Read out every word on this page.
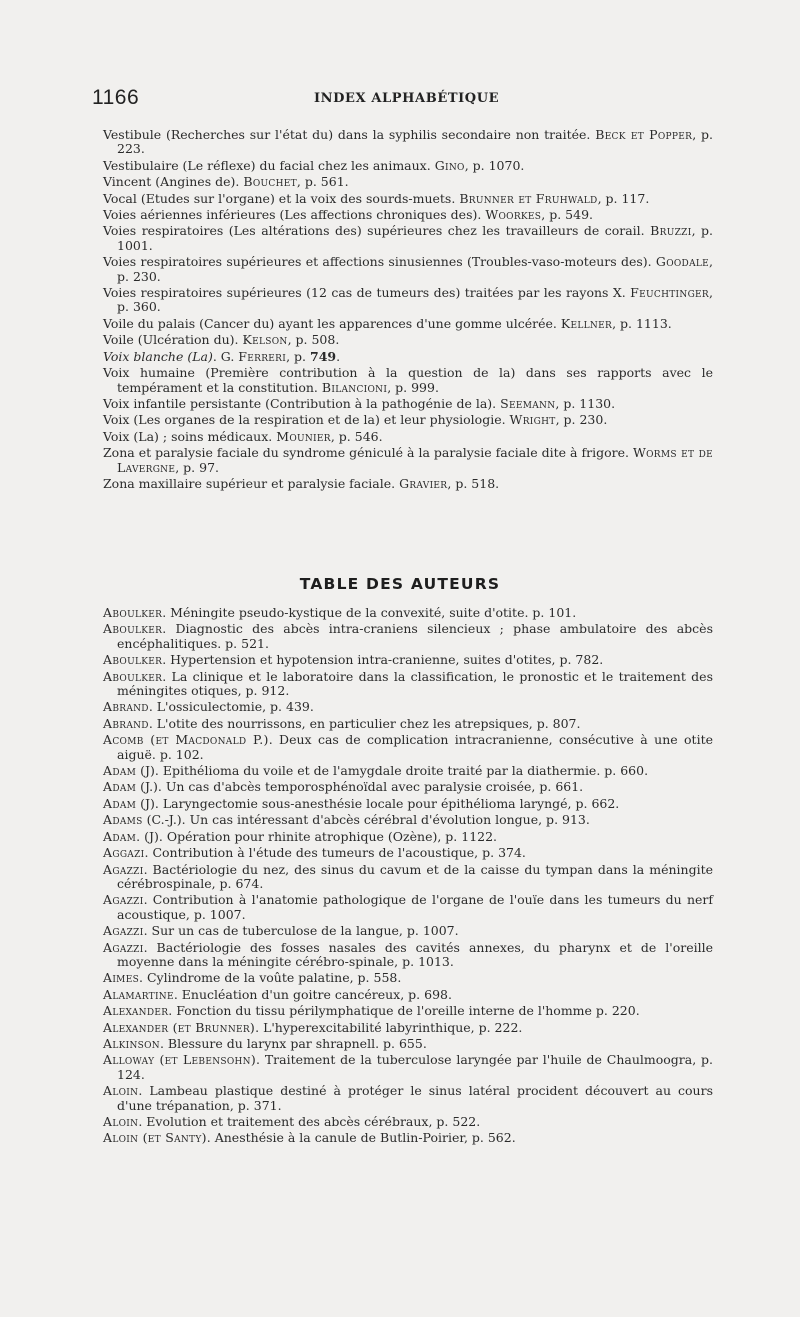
1166	INDEX ALPHABÉTIQUE

Vestibule (Recherches sur l'état du) dans la syphilis secondaire non traitée. Beck et Popper, p. 223.

Vestibulaire (Le réflexe) du facial chez les animaux. Gino, p. 1070.

Vincent (Angines de). Bouchet, p. 561.

Vocal (Etudes sur l'organe) et la voix des sourds-muets. Brunner et Fruhwald, p. 117.

Voies aériennes inférieures (Les affections chroniques des). Woorkes, p. 549.

Voies respiratoires (Les altérations des) supérieures chez les travailleurs de corail. Bruzzi, p. 1001.

Voies respiratoires supérieures et affections sinusiennes (Troubles-vaso-moteurs des). Goodale, p. 230.

Voies respiratoires supérieures (12 cas de tumeurs des) traitées par les rayons X. Feuchtinger, p. 360.

Voile du palais (Cancer du) ayant les apparences d'une gomme ulcérée. Kellner, p. 1113.

Voile (Ulcération du). Kelson, p. 508.

Voix blanche (La). G. Ferreri, p. 749.

Voix humaine (Première contribution à la question de la) dans ses rapports avec le tempérament et la constitution. Bilancioni, p. 999.

Voix infantile persistante (Contribution à la pathogénie de la). Seemann, p. 1130.

Voix (Les organes de la respiration et de la) et leur physiologie. Wright, p. 230.

Voix (La) ; soins médicaux. Mounier, p. 546.

Zona et paralysie faciale du syndrome géniculé à la paralysie faciale dite à frigore. Worms et de Lavergne, p. 97.

Zona maxillaire supérieur et paralysie faciale. Gravier, p. 518.

TABLE DES AUTEURS

Aboulker. Méningite pseudo-kystique de la convexité, suite d'otite. p. 101.

Aboulker. Diagnostic des abcès intra-craniens silencieux ; phase ambulatoire des abcès encéphalitiques. p. 521.

Aboulker. Hypertension et hypotension intra-cranienne, suites d'otites, p. 782.

Aboulker. La clinique et le laboratoire dans la classification, le pronostic et le traitement des méningites otiques, p. 912.

Abrand. L'ossiculectomie, p. 439.

Abrand. L'otite des nourrissons, en particulier chez les atrepsiques, p. 807.

Acomb (et Macdonald P.). Deux cas de complication intracranienne, consécutive à une otite aiguë. p. 102.

Adam (J). Epithélioma du voile et de l'amygdale droite traité par la diathermie. p. 660.

Adam (J.). Un cas d'abcès temporosphénoïdal avec paralysie croisée, p. 661.

Adam (J). Laryngectomie sous-anesthésie locale pour épithélioma laryngé, p. 662.

Adams (C.-J.). Un cas intéressant d'abcès cérébral d'évolution longue, p. 913.

Adam. (J). Opération pour rhinite atrophique (Ozène), p. 1122.

Aggazi. Contribution à l'étude des tumeurs de l'acoustique, p. 374.

Agazzi. Bactériologie du nez, des sinus du cavum et de la caisse du tympan dans la méningite cérébrospinale, p. 674.

Agazzi. Contribution à l'anatomie pathologique de l'organe de l'ouïe dans les tumeurs du nerf acoustique, p. 1007.

Agazzi. Sur un cas de tuberculose de la langue, p. 1007.

Agazzi. Bactériologie des fosses nasales des cavités annexes, du pharynx et de l'oreille moyenne dans la méningite cérébro-spinale, p. 1013.

Aimes. Cylindrome de la voûte palatine, p. 558.

Alamartine. Enucléation d'un goitre cancéreux, p. 698.

Alexander. Fonction du tissu périlymphatique de l'oreille interne de l'homme p. 220.

Alexander (et Brunner). L'hyperexcitabilité labyrinthique, p. 222.

Alkinson. Blessure du larynx par shrapnell. p. 655.

Alloway (et Lebensohn). Traitement de la tuberculose laryngée par l'huile de Chaulmoogra, p. 124.

Aloin. Lambeau plastique destiné à protéger le sinus latéral procident découvert au cours d'une trépanation, p. 371.

Aloin. Evolution et traitement des abcès cérébraux, p. 522.

Aloin (et Santy). Anesthésie à la canule de Butlin-Poirier, p. 562.
